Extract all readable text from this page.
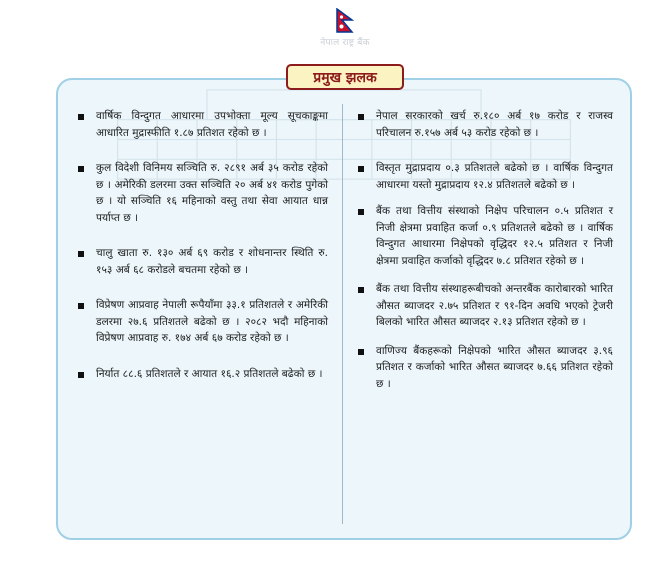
नेपाल राष्ट्र बैंक
प्रमुख झलक
वार्षिक विन्दुगत आधारमा उपभोक्ता मूल्य सूचकाङ्कमा आधारित मुद्रास्फीति १.८७ प्रतिशत रहेको छ ।
कुल विदेशी विनिमय सञ्चिति रु. २८९१ अर्ब ३५ करोड रहेको छ । अमेरिकी डलरमा उक्त सञ्चिति २० अर्ब ४१ करोड पुगेको छ । यो सञ्चिति १६ महिनाको वस्तु तथा सेवा आयात धान्न पर्याप्त छ ।
चालु खाता रु. १३० अर्ब ६९ करोड र शोधनान्तर स्थिति रु. १५३ अर्ब ६८ करोडले बचतमा रहेको छ ।
विप्रेषण आप्रवाह नेपाली रूपैयाँमा ३३.१ प्रतिशतले र अमेरिकी डलरमा २७.६ प्रतिशतले बढेको छ । २०८२ भदौ महिनाको विप्रेषण आप्रवाह रु. १७४ अर्ब ६७ करोड रहेको छ ।
निर्यात ८८.६ प्रतिशतले र आयात १६.२ प्रतिशतले बढेको छ ।
नेपाल सरकारको खर्च रु.१८० अर्ब १७ करोड र राजस्व परिचालन रु.१५७ अर्ब ५३ करोड रहेको छ ।
विस्तृत मुद्राप्रदाय ०.३ प्रतिशतले बढेको छ । वार्षिक विन्दुगत आधारमा यस्तो मुद्राप्रदाय १२.४ प्रतिशतले बढेको छ ।
बैंक तथा वित्तीय संस्थाको निक्षेप परिचालन ०.५ प्रतिशत र निजी क्षेत्रमा प्रवाहित कर्जा ०.९ प्रतिशतले बढेको छ । वार्षिक विन्दुगत आधारमा निक्षेपको वृद्धिदर १२.५ प्रतिशत र निजी क्षेत्रमा प्रवाहित कर्जाको वृद्धिदर ७.८ प्रतिशत रहेको छ ।
बैंक तथा वित्तीय संस्थाहरूबीचको अन्तरबैंक कारोबारको भारित औसत ब्याजदर २.७५ प्रतिशत र ९१-दिन अवधि भएको ट्रेजरी बिलको भारित औसत ब्याजदर २.१३ प्रतिशत रहेको छ ।
वाणिज्य बैंकहरूको निक्षेपको भारित औसत ब्याजदर ३.९६ प्रतिशत र कर्जाको भारित औसत ब्याजदर ७.६६ प्रतिशत रहेको छ ।
